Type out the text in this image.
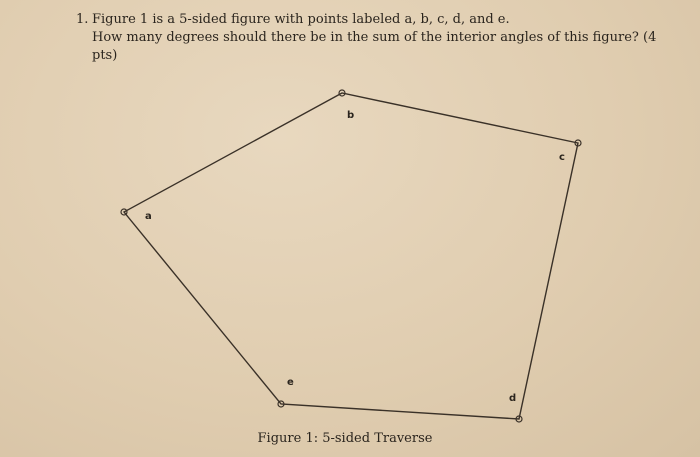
1. Figure 1 is a 5-sided figure with points labeled a, b, c, d, and e.
How many degrees should there be in the sum of the interior angles of this figure? (4
pts)
a
b
c
d
e
Figure 1: 5-sided Traverse
